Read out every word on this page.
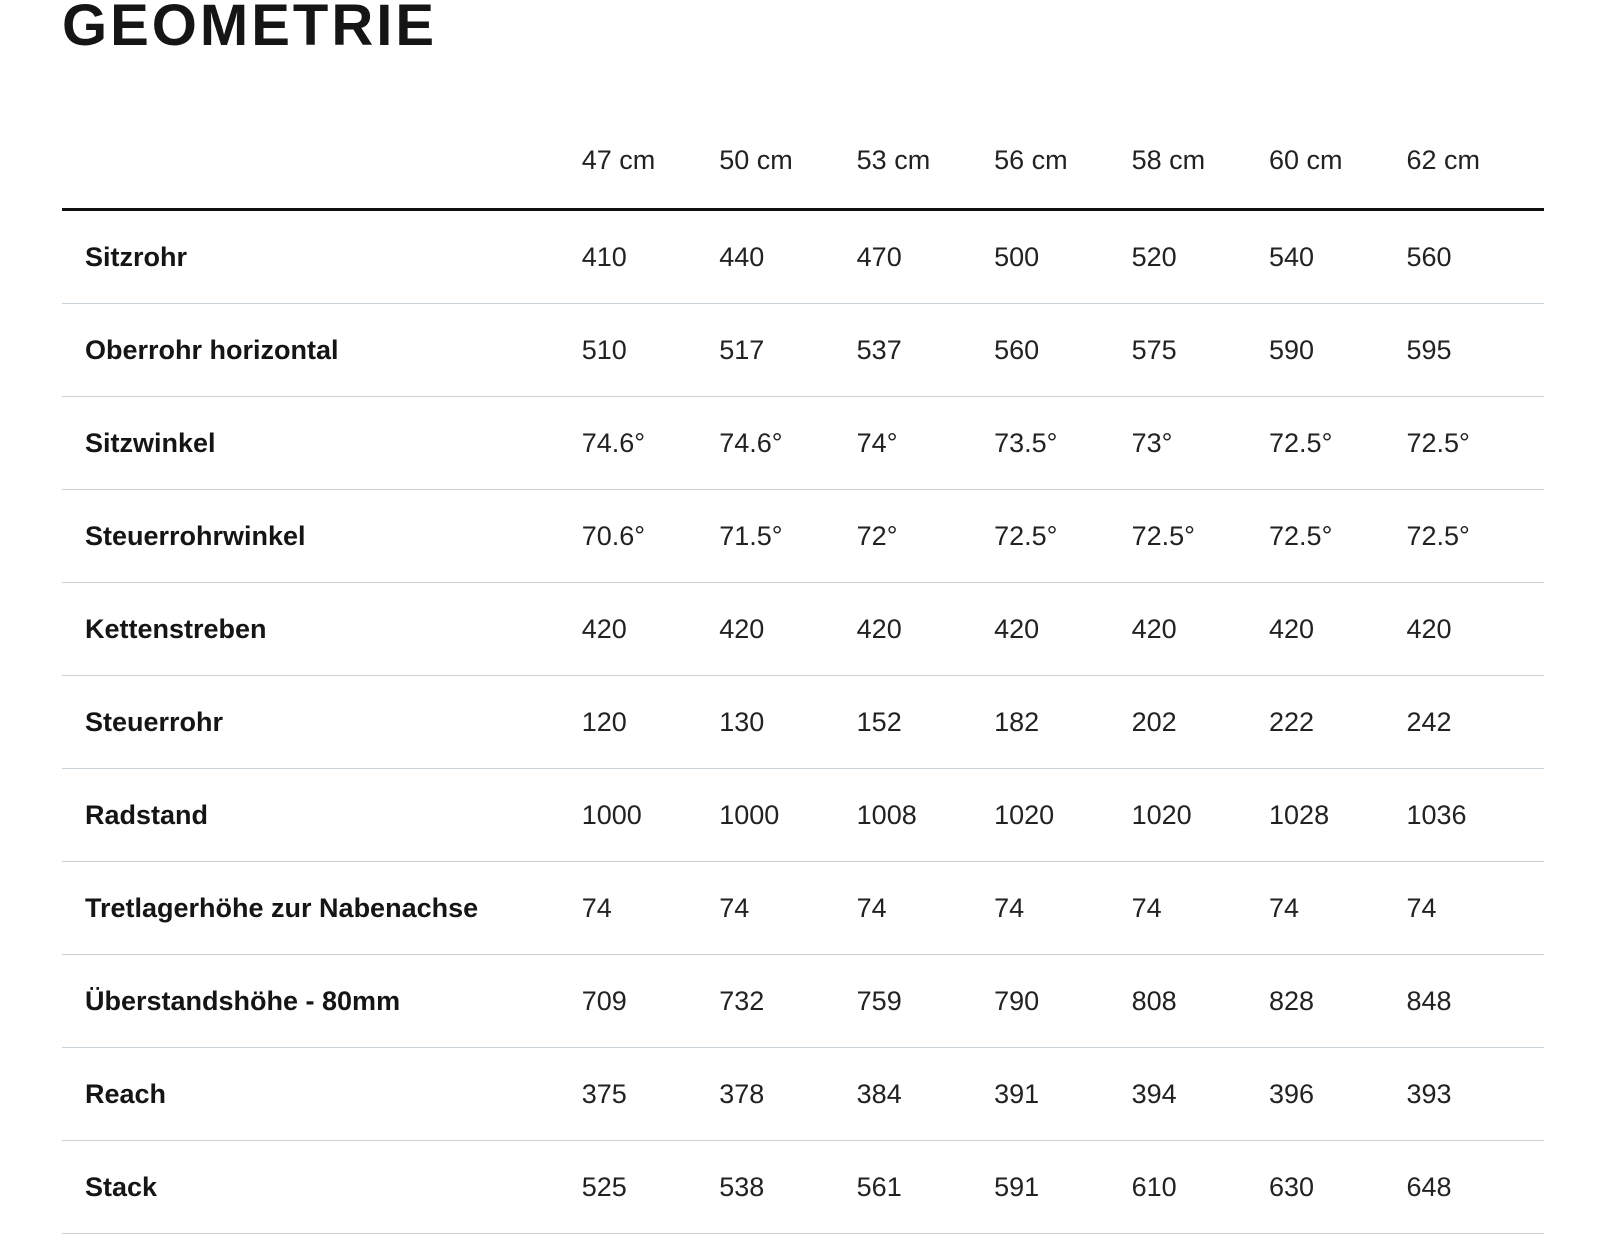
GEOMETRIE
	47 cm	50 cm	53 cm	56 cm	58 cm	60 cm	62 cm
Sitzrohr	410	440	470	500	520	540	560
Oberrohr horizontal	510	517	537	560	575	590	595
Sitzwinkel	74.6°	74.6°	74°	73.5°	73°	72.5°	72.5°
Steuerrohrwinkel	70.6°	71.5°	72°	72.5°	72.5°	72.5°	72.5°
Kettenstreben	420	420	420	420	420	420	420
Steuerrohr	120	130	152	182	202	222	242
Radstand	1000	1000	1008	1020	1020	1028	1036
Tretlagerhöhe zur Nabenachse	74	74	74	74	74	74	74
Überstandshöhe - 80mm	709	732	759	790	808	828	848
Reach	375	378	384	391	394	396	393
Stack	525	538	561	591	610	630	648
